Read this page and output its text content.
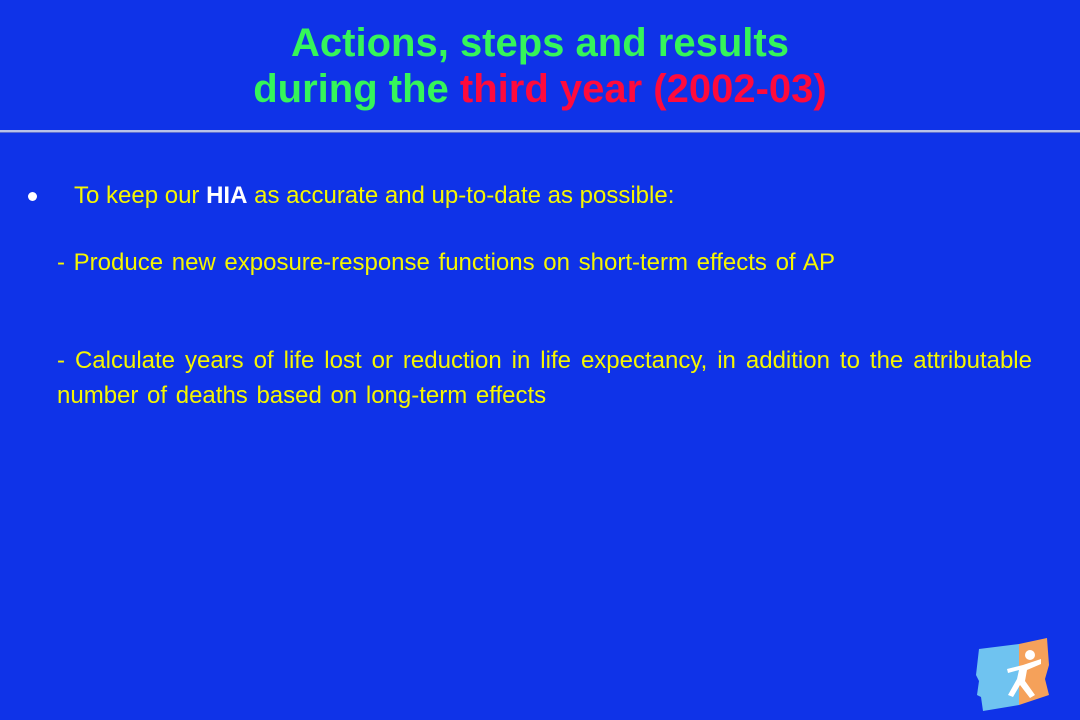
Actions, steps and results
during the third year (2002-03)
To keep our HIA as accurate and up-to-date as possible:
- Produce new exposure-response functions on short-term effects of AP
- Calculate years of life lost or reduction in life expectancy, in addition to the attributable number of deaths based on long-term effects
